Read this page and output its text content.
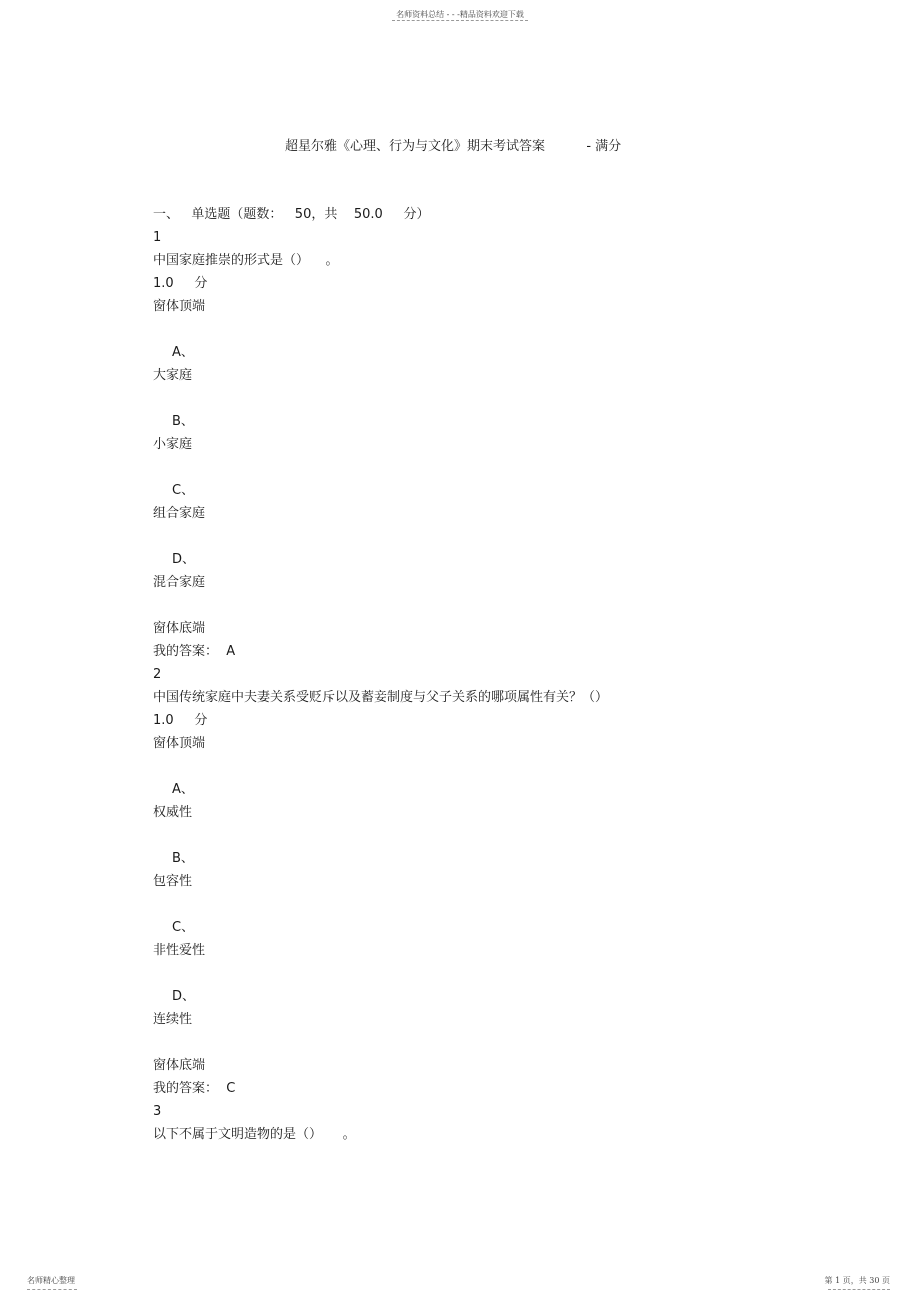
名师资料总结 - - -精品资料欢迎下载
超星尔雅《心理、行为与文化》期末考试答案          - 满分
一、   单选题（题数：   50，共    50.0     分）
1
中国家庭推崇的形式是（）    。
1.0     分
窗体顶端
A、
大家庭
B、
小家庭
C、
组合家庭
D、
混合家庭
窗体底端
我的答案：  A
2
中国传统家庭中夫妻关系受贬斥以及蓄妾制度与父子关系的哪项属性有关？（）
1.0     分
窗体顶端
A、
权威性
B、
包容性
C、
非性爱性
D、
连续性
窗体底端
我的答案：  C
3
以下不属于文明造物的是（）     。
名师精心整理	第 1 页，共 30 页
